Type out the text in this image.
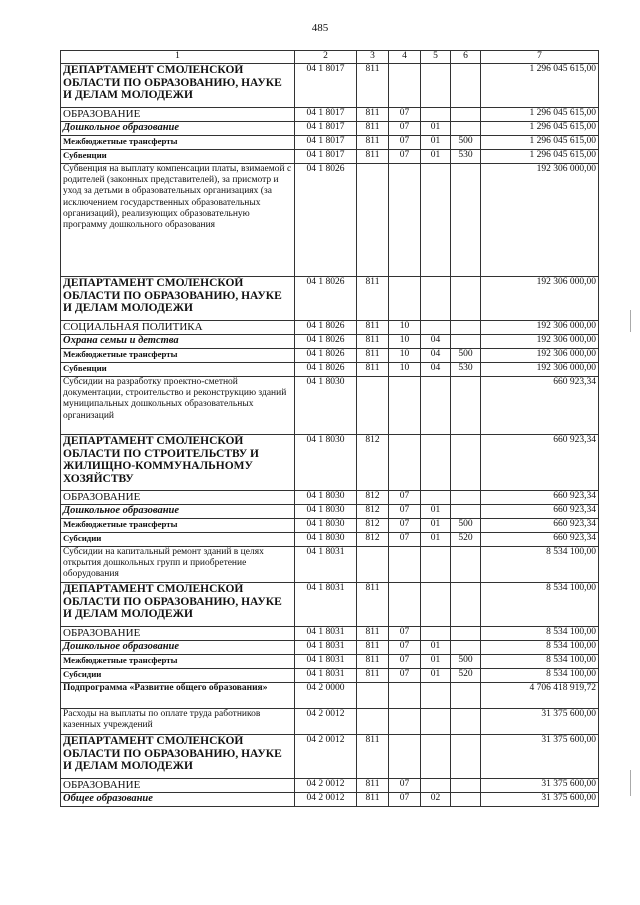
485
1	2	3	4	5	6	7
ДЕПАРТАМЕНТ СМОЛЕНСКОЙ ОБЛАСТИ ПО ОБРАЗОВАНИЮ, НАУКЕ И ДЕЛАМ МОЛОДЕЖИ	04 1 8017	811				1 296 045 615,00
ОБРАЗОВАНИЕ	04 1 8017	811	07			1 296 045 615,00
Дошкольное образование	04 1 8017	811	07	01		1 296 045 615,00
Межбюджетные трансферты	04 1 8017	811	07	01	500	1 296 045 615,00
Субвенции	04 1 8017	811	07	01	530	1 296 045 615,00
Субвенция на выплату компенсации платы, взимаемой с родителей (законных представителей), за присмотр и уход за детьми в образовательных организациях (за исключением государственных образовательных организаций), реализующих образовательную программу дошкольного образования	04 1 8026					192 306 000,00
ДЕПАРТАМЕНТ СМОЛЕНСКОЙ ОБЛАСТИ ПО ОБРАЗОВАНИЮ, НАУКЕ И ДЕЛАМ МОЛОДЕЖИ	04 1 8026	811				192 306 000,00
СОЦИАЛЬНАЯ ПОЛИТИКА	04 1 8026	811	10			192 306 000,00
Охрана семьи и детства	04 1 8026	811	10	04		192 306 000,00
Межбюджетные трансферты	04 1 8026	811	10	04	500	192 306 000,00
Субвенции	04 1 8026	811	10	04	530	192 306 000,00
Субсидии на разработку проектно-сметной документации, строительство и реконструкцию зданий муниципальных дошкольных образовательных организаций	04 1 8030					660 923,34
ДЕПАРТАМЕНТ СМОЛЕНСКОЙ ОБЛАСТИ ПО СТРОИТЕЛЬСТВУ И ЖИЛИЩНО-КОММУНАЛЬНОМУ ХОЗЯЙСТВУ	04 1 8030	812				660 923,34
ОБРАЗОВАНИЕ	04 1 8030	812	07			660 923,34
Дошкольное образование	04 1 8030	812	07	01		660 923,34
Межбюджетные трансферты	04 1 8030	812	07	01	500	660 923,34
Субсидии	04 1 8030	812	07	01	520	660 923,34
Субсидии на капитальный ремонт зданий в целях открытия дошкольных групп и приобретение оборудования	04 1 8031					8 534 100,00
ДЕПАРТАМЕНТ СМОЛЕНСКОЙ ОБЛАСТИ ПО ОБРАЗОВАНИЮ, НАУКЕ И ДЕЛАМ МОЛОДЕЖИ	04 1 8031	811				8 534 100,00
ОБРАЗОВАНИЕ	04 1 8031	811	07			8 534 100,00
Дошкольное образование	04 1 8031	811	07	01		8 534 100,00
Межбюджетные трансферты	04 1 8031	811	07	01	500	8 534 100,00
Субсидии	04 1 8031	811	07	01	520	8 534 100,00
Подпрограмма «Развитие общего образования»	04 2 0000					4 706 418 919,72
Расходы на выплаты по оплате труда работников казенных учреждений	04 2 0012					31 375 600,00
ДЕПАРТАМЕНТ СМОЛЕНСКОЙ ОБЛАСТИ ПО ОБРАЗОВАНИЮ, НАУКЕ И ДЕЛАМ МОЛОДЕЖИ	04 2 0012	811				31 375 600,00
ОБРАЗОВАНИЕ	04 2 0012	811	07			31 375 600,00
Общее образование	04 2 0012	811	07	02		31 375 600,00
